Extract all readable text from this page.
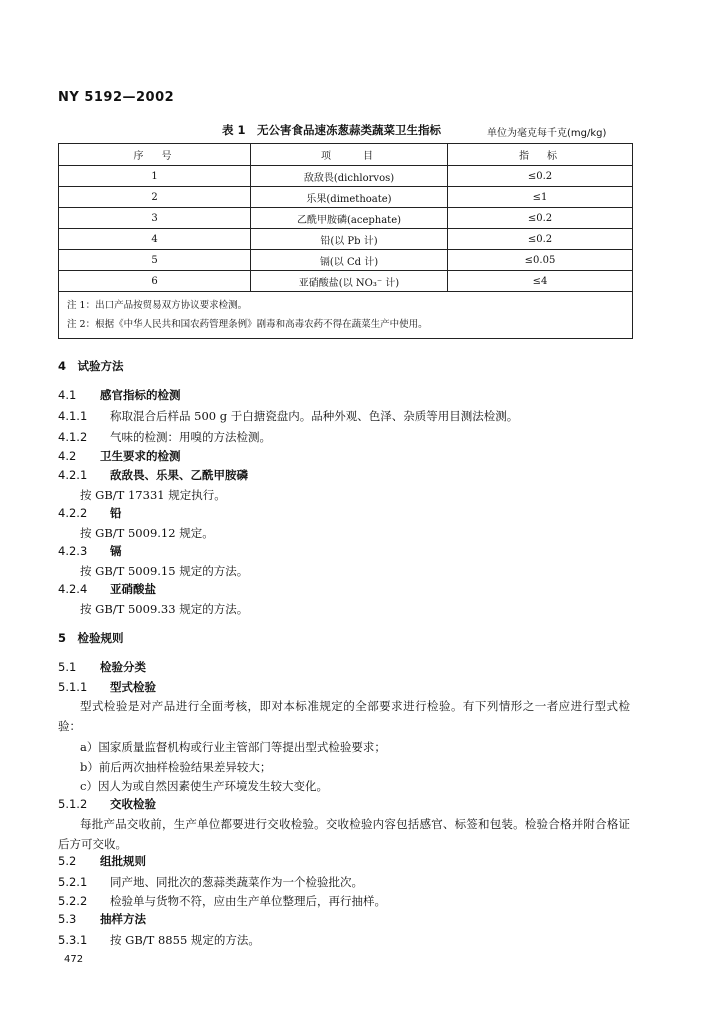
NY 5192—2002
表 1　无公害食品速冻葱蒜类蔬菜卫生指标	单位为毫克每千克(mg/kg)
序　号	项　　目	指　标
1	敌敌畏(dichlorvos)	≤0.2
2	乐果(dimethoate)	≤1
3	乙酰甲胺磷(acephate)	≤0.2
4	铅(以 Pb 计)	≤0.2
5	镉(以 Cd 计)	≤0.05
6	亚硝酸盐(以 NO₃⁻ 计)	≤4

注 1：出口产品按贸易双方协议要求检测。
注 2：根据《中华人民共和国农药管理条例》剧毒和高毒农药不得在蔬菜生产中使用。		
4　试验方法
4.1 感官指标的检测
4.1.1 称取混合后样品 500 g 于白搪瓷盘内。品种外观、色泽、杂质等用目测法检测。
4.1.2 气味的检测：用嗅的方法检测。
4.2 卫生要求的检测
4.2.1 敌敌畏、乐果、乙酰甲胺磷
按 GB/T 17331 规定执行。
4.2.2 铅
按 GB/T 5009.12 规定。
4.2.3 镉
按 GB/T 5009.15 规定的方法。
4.2.4 亚硝酸盐
按 GB/T 5009.33 规定的方法。
5　检验规则
5.1 检验分类
5.1.1 型式检验
型式检验是对产品进行全面考核，即对本标准规定的全部要求进行检验。有下列情形之一者应进行型式检验：
a）国家质量监督机构或行业主管部门等提出型式检验要求；
b）前后两次抽样检验结果差异较大；
c）因人为或自然因素使生产环境发生较大变化。
5.1.2 交收检验
每批产品交收前，生产单位都要进行交收检验。交收检验内容包括感官、标签和包装。检验合格并附合格证后方可交收。
5.2 组批规则
5.2.1 同产地、同批次的葱蒜类蔬菜作为一个检验批次。
5.2.2 检验单与货物不符，应由生产单位整理后，再行抽样。
5.3 抽样方法
5.3.1 按 GB/T 8855 规定的方法。
472
